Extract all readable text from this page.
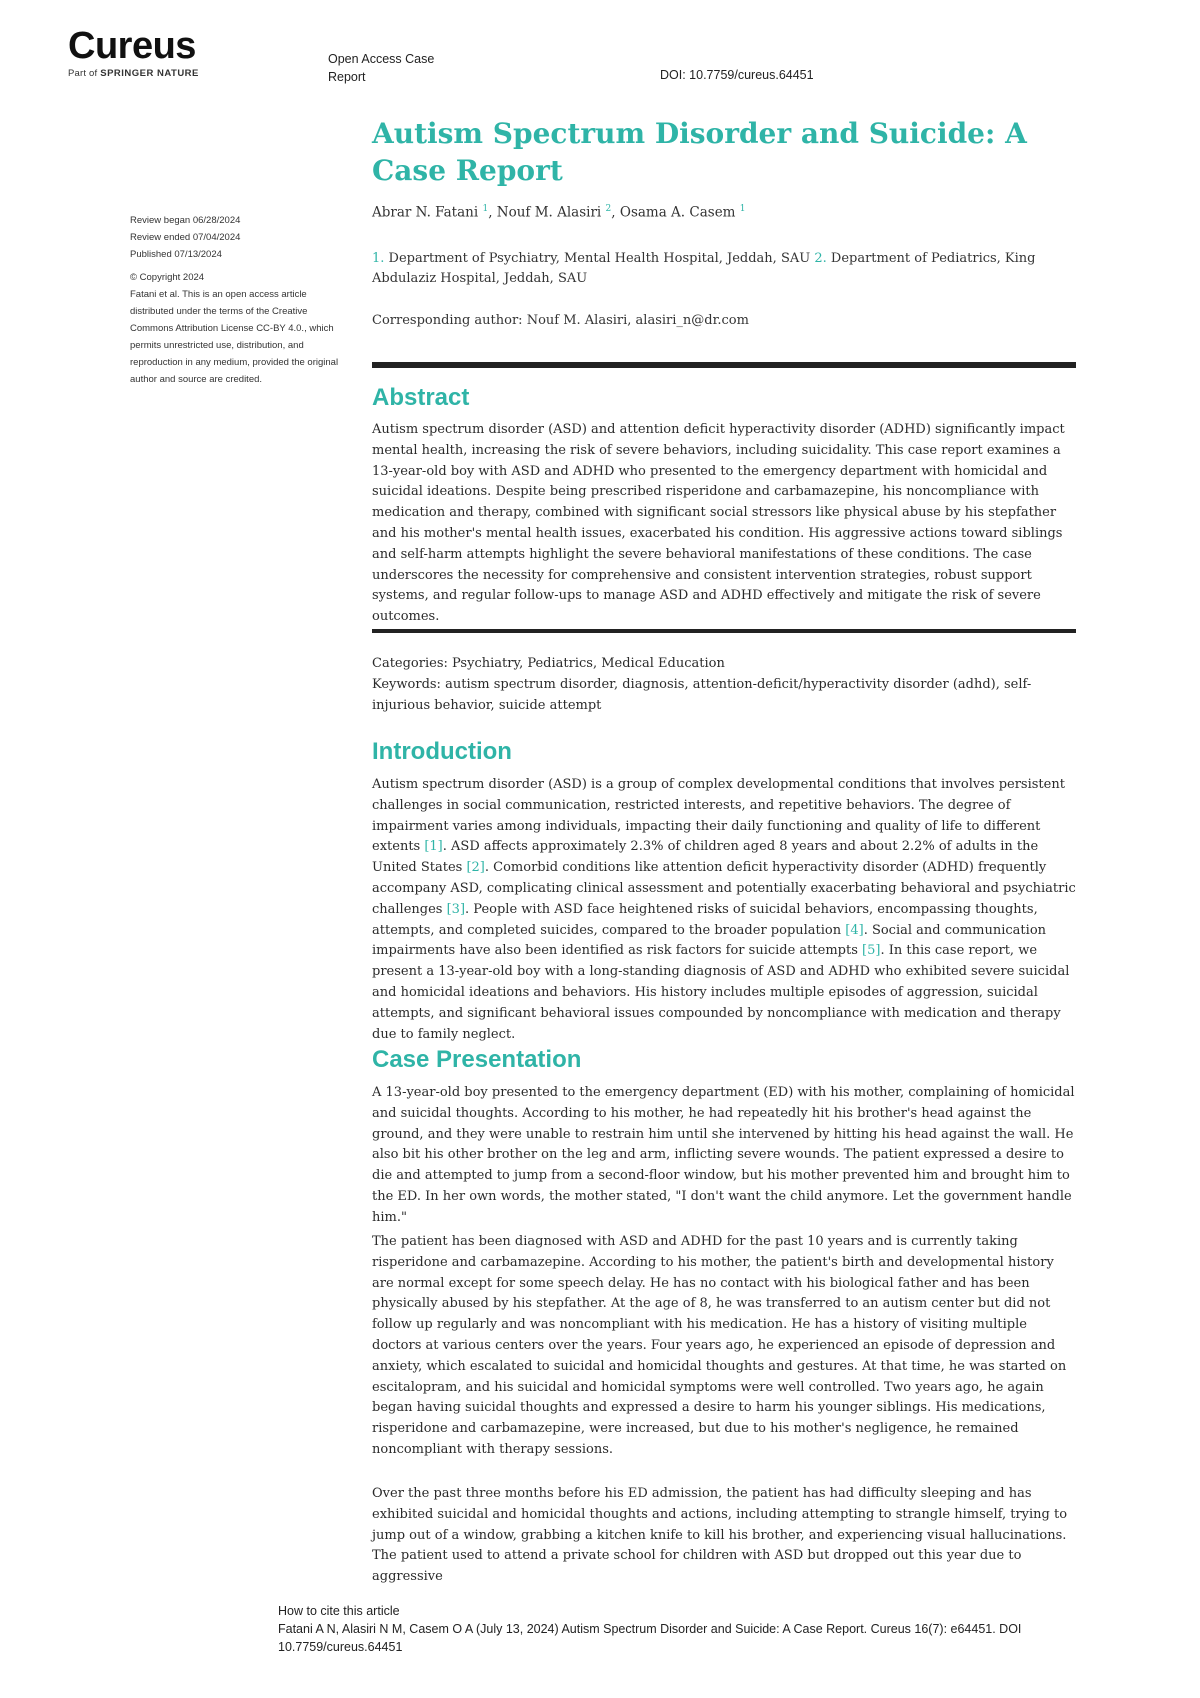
Cureus
Part of SPRINGER NATURE
Open Access Case Report	DOI: 10.7759/cureus.64451
Autism Spectrum Disorder and Suicide: A Case Report
Abrar N. Fatani $^1$, Nouf M. Alasiri $^2$, Osama A. Casem $^1$
1. Department of Psychiatry, Mental Health Hospital, Jeddah, SAU 2. Department of Pediatrics, King Abdulaziz Hospital, Jeddah, SAU
Corresponding author: Nouf M. Alasiri, alasiri_n@dr.com
Review began 06/28/2024
Review ended 07/04/2024
Published 07/13/2024
© Copyright 2024
Fatani et al. This is an open access article distributed under the terms of the Creative Commons Attribution License CC-BY 4.0., which permits unrestricted use, distribution, and reproduction in any medium, provided the original author and source are credited.
Abstract
Autism spectrum disorder (ASD) and attention deficit hyperactivity disorder (ADHD) significantly impact mental health, increasing the risk of severe behaviors, including suicidality. This case report examines a 13-year-old boy with ASD and ADHD who presented to the emergency department with homicidal and suicidal ideations. Despite being prescribed risperidone and carbamazepine, his noncompliance with medication and therapy, combined with significant social stressors like physical abuse by his stepfather and his mother's mental health issues, exacerbated his condition. His aggressive actions toward siblings and self-harm attempts highlight the severe behavioral manifestations of these conditions. The case underscores the necessity for comprehensive and consistent intervention strategies, robust support systems, and regular follow-ups to manage ASD and ADHD effectively and mitigate the risk of severe outcomes.
Categories: Psychiatry, Pediatrics, Medical Education
Keywords: autism spectrum disorder, diagnosis, attention-deficit/hyperactivity disorder (adhd), self-injurious behavior, suicide attempt
Introduction
Autism spectrum disorder (ASD) is a group of complex developmental conditions that involves persistent challenges in social communication, restricted interests, and repetitive behaviors. The degree of impairment varies among individuals, impacting their daily functioning and quality of life to different extents [1]. ASD affects approximately 2.3% of children aged 8 years and about 2.2% of adults in the United States [2]. Comorbid conditions like attention deficit hyperactivity disorder (ADHD) frequently accompany ASD, complicating clinical assessment and potentially exacerbating behavioral and psychiatric challenges [3]. People with ASD face heightened risks of suicidal behaviors, encompassing thoughts, attempts, and completed suicides, compared to the broader population [4]. Social and communication impairments have also been identified as risk factors for suicide attempts [5]. In this case report, we present a 13-year-old boy with a long-standing diagnosis of ASD and ADHD who exhibited severe suicidal and homicidal ideations and behaviors. His history includes multiple episodes of aggression, suicidal attempts, and significant behavioral issues compounded by noncompliance with medication and therapy due to family neglect.
Case Presentation
A 13-year-old boy presented to the emergency department (ED) with his mother, complaining of homicidal and suicidal thoughts. According to his mother, he had repeatedly hit his brother's head against the ground, and they were unable to restrain him until she intervened by hitting his head against the wall. He also bit his other brother on the leg and arm, inflicting severe wounds. The patient expressed a desire to die and attempted to jump from a second-floor window, but his mother prevented him and brought him to the ED. In her own words, the mother stated, "I don't want the child anymore. Let the government handle him."
The patient has been diagnosed with ASD and ADHD for the past 10 years and is currently taking risperidone and carbamazepine. According to his mother, the patient's birth and developmental history are normal except for some speech delay. He has no contact with his biological father and has been physically abused by his stepfather. At the age of 8, he was transferred to an autism center but did not follow up regularly and was noncompliant with his medication. He has a history of visiting multiple doctors at various centers over the years. Four years ago, he experienced an episode of depression and anxiety, which escalated to suicidal and homicidal thoughts and gestures. At that time, he was started on escitalopram, and his suicidal and homicidal symptoms were well controlled. Two years ago, he again began having suicidal thoughts and expressed a desire to harm his younger siblings. His medications, risperidone and carbamazepine, were increased, but due to his mother's negligence, he remained noncompliant with therapy sessions.
Over the past three months before his ED admission, the patient has had difficulty sleeping and has exhibited suicidal and homicidal thoughts and actions, including attempting to strangle himself, trying to jump out of a window, grabbing a kitchen knife to kill his brother, and experiencing visual hallucinations. The patient used to attend a private school for children with ASD but dropped out this year due to aggressive
How to cite this article
Fatani A N, Alasiri N M, Casem O A (July 13, 2024) Autism Spectrum Disorder and Suicide: A Case Report. Cureus 16(7): e64451. DOI 10.7759/cureus.64451
